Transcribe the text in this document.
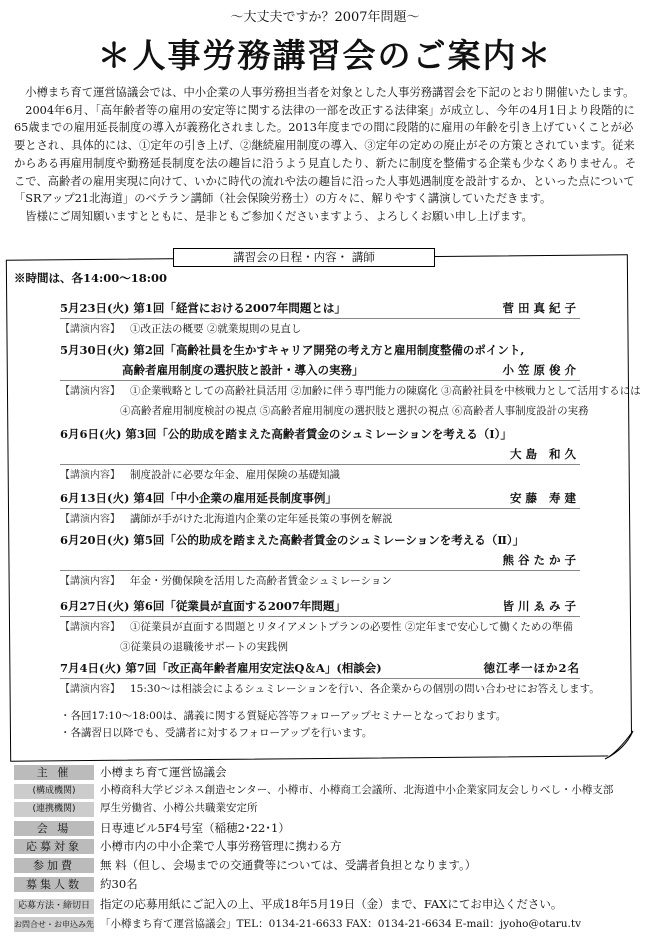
～大丈夫ですか？2007年問題～
＊人事労務講習会のご案内＊

小樽まち育て運営協議会では、中小企業の人事労務担当者を対象とした人事労務講習会を下記のとおり開催いたします。

2004年6月、「高年齢者等の雇用の安定等に関する法律の一部を改正する法律案」が成立し、今年の4月1日より段階的に65歳までの雇用延長制度の導入が義務化されました。2013年度までの間に段階的に雇用の年齢を引き上げていくことが必要とされ、具体的には、①定年の引き上げ、②継続雇用制度の導入、③定年の定めの廃止がその方策とされています。従来からある再雇用制度や勤務延長制度を法の趣旨に沿うよう見直したり、新たに制度を整備する企業も少なくありません。そこで、高齢者の雇用実現に向けて、いかに時代の流れや法の趣旨に沿った人事処遇制度を設計するか、といった点について「SRアップ21北海道」のベテラン講師（社会保険労務士）の方々に、解りやすく講演していただきます。

皆様にご周知願いますとともに、是非ともご参加くださいますよう、よろしくお願い申し上げます。

講習会の日程・内容・ 講師
※時間は、各14:00～18:00
5月23日(火) 第1回「経営における2007年問題とは」	菅田真紀子
【講演内容】 ①改正法の概要 ②就業規則の見直し
5月30日(火) 第2回「高齢社員を生かすキャリア開発の考え方と雇用制度整備のポイント,
高齢者雇用制度の選択肢と設計・導入の実務」	小笠原俊介
【講演内容】 ①企業戦略としての高齢社員活用 ②加齢に伴う専門能力の陳腐化 ③高齢社員を中核戦力として活用するには
④高齢者雇用制度検討の視点 ⑤高齢者雇用制度の選択肢と選択の視点 ⑥高齢者人事制度設計の実務
6月6日(火) 第3回「公的助成を踏まえた高齢者賃金のシュミレーションを考える（Ⅰ）」
大島 和久
【講演内容】 制度設計に必要な年金、雇用保険の基礎知識
6月13日(火) 第4回「中小企業の雇用延長制度事例」	安藤 寿建
【講演内容】 講師が手がけた北海道内企業の定年延長策の事例を解説
6月20日(火) 第5回「公的助成を踏まえた高齢者賃金のシュミレーションを考える（Ⅱ）」
熊谷たか子
【講演内容】 年金・労働保険を活用した高齢者賃金シュミレーション
6月27日(火) 第6回「従業員が直面する2007年問題」	皆川ゑみ子
【講演内容】 ①従業員が直面する問題とリタイアメントプランの必要性 ②定年まで安心して働くための準備
③従業員の退職後サポートの実践例
7月4日(火) 第7回「改正高年齢者雇用安定法Q＆A」(相談会)	徳江孝一ほか2名
【講演内容】 15:30～は相談会によるシュミレーションを行い、各企業からの個別の問い合わせにお答えします。
・各回17:10～18:00は、講義に関する質疑応答等フォローアップセミナーとなっております。
・各講習日以降でも、受講者に対するフォローアップを行います。
主 催	小樽まち育て運営協議会
(構成機関) 小樽商科大学ビジネス創造センター、小樽市、小樽商工会議所、北海道中小企業家同友会しりべし・小樽支部
(連携機関) 厚生労働省、小樽公共職業安定所
会 場	日専連ビル5F4号室（稲穂2･22･1）
応募対象 小樽市内の中小企業で人事労務管理に携わる方
参加費 無 料（但し、会場までの交通費等については、受講者負担となります。）
募集人数 約30名
応募方法・締切日 指定の応募用紙にご記入の上、平成18年5月19日（金）まで、FAXにてお申込ください。
お問合せ・お申込み先 「小樽まち育て運営協議会」TEL：0134-21-6633 FAX：0134-21-6634 E-mail：jyoho@otaru.tv
